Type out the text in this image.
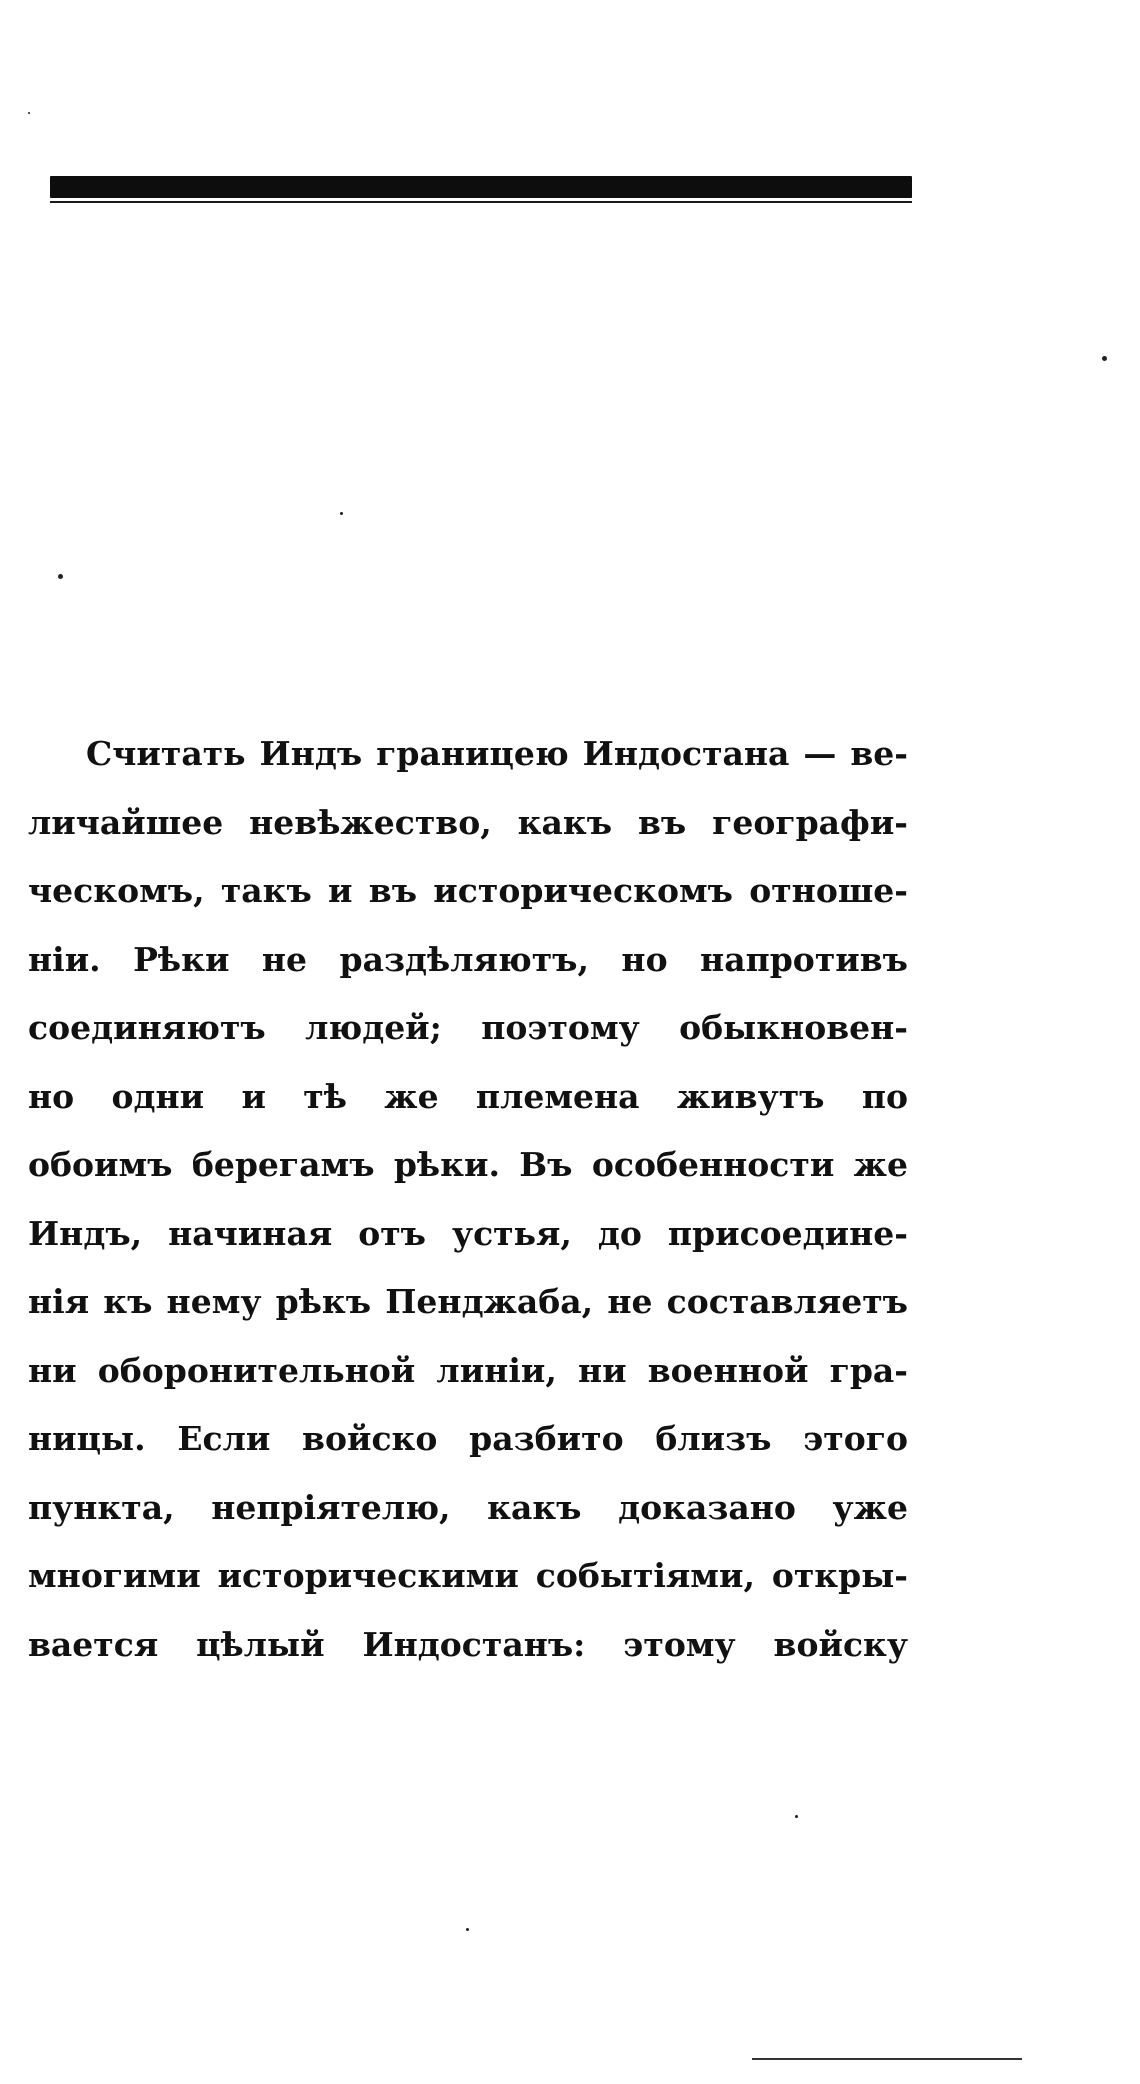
Считать Индъ границею Индостана — ве-
личайшее невѣжество, какъ въ географи-
ческомъ, такъ и въ историческомъ отноше-
ніи. Рѣки не раздѣляютъ, но напротивъ
соединяютъ людей; поэтому обыкновен-
но одни и тѣ же племена живутъ по
обоимъ берегамъ рѣки. Въ особенности же
Индъ, начиная отъ устья, до присоедине-
нія къ нему рѣкъ Пенджаба, не составляетъ
ни оборонительной линіи, ни военной гра-
ницы. Если войско разбито близъ этого
пункта, непріятелю, какъ доказано уже
многими историческими событіями, откры-
вается цѣлый Индостанъ: этому войску
